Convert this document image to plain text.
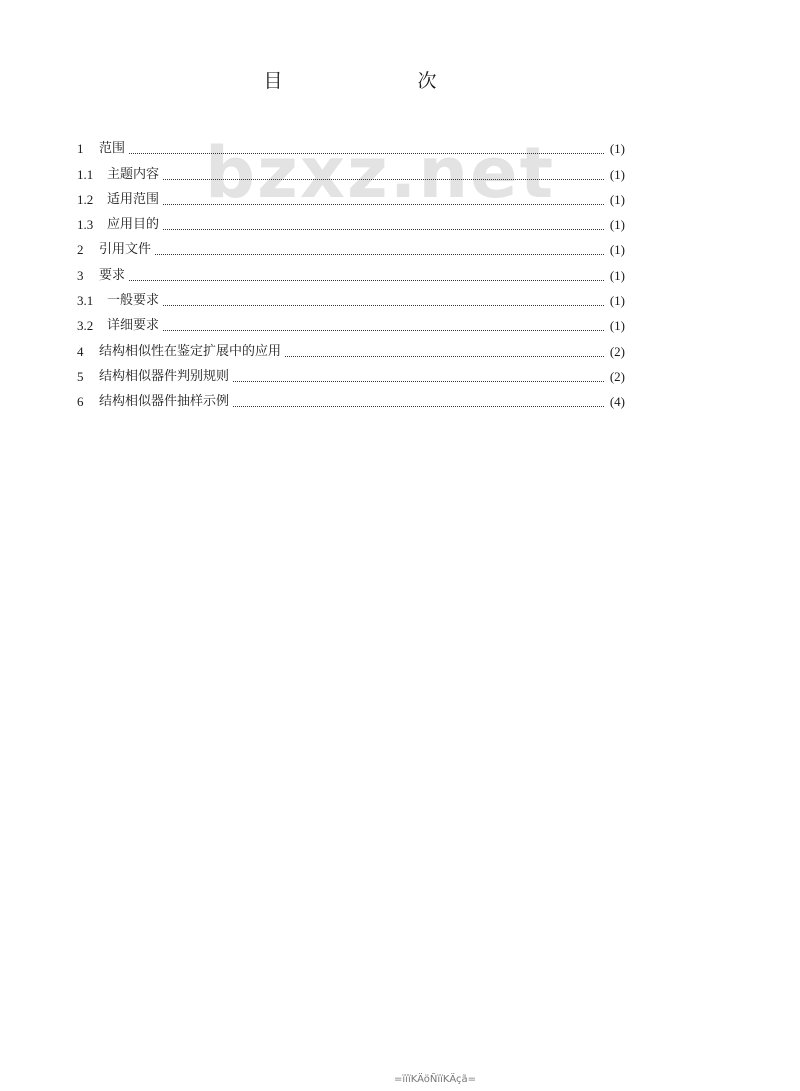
目　次
bzxz.net
1	范围	(1)
1.1	主题内容	(1)
1.2	适用范围	(1)
1.3	应用目的	(1)
2	引用文件	(1)
3	要求	(1)
3.1	一般要求	(1)
3.2	详细要求	(1)
4	结构相似性在鉴定扩展中的应用	(2)
5	结构相似器件判别规则	(2)
6	结构相似器件抽样示例	(4)
=ïïïKÄöÑïïKÄçã=
